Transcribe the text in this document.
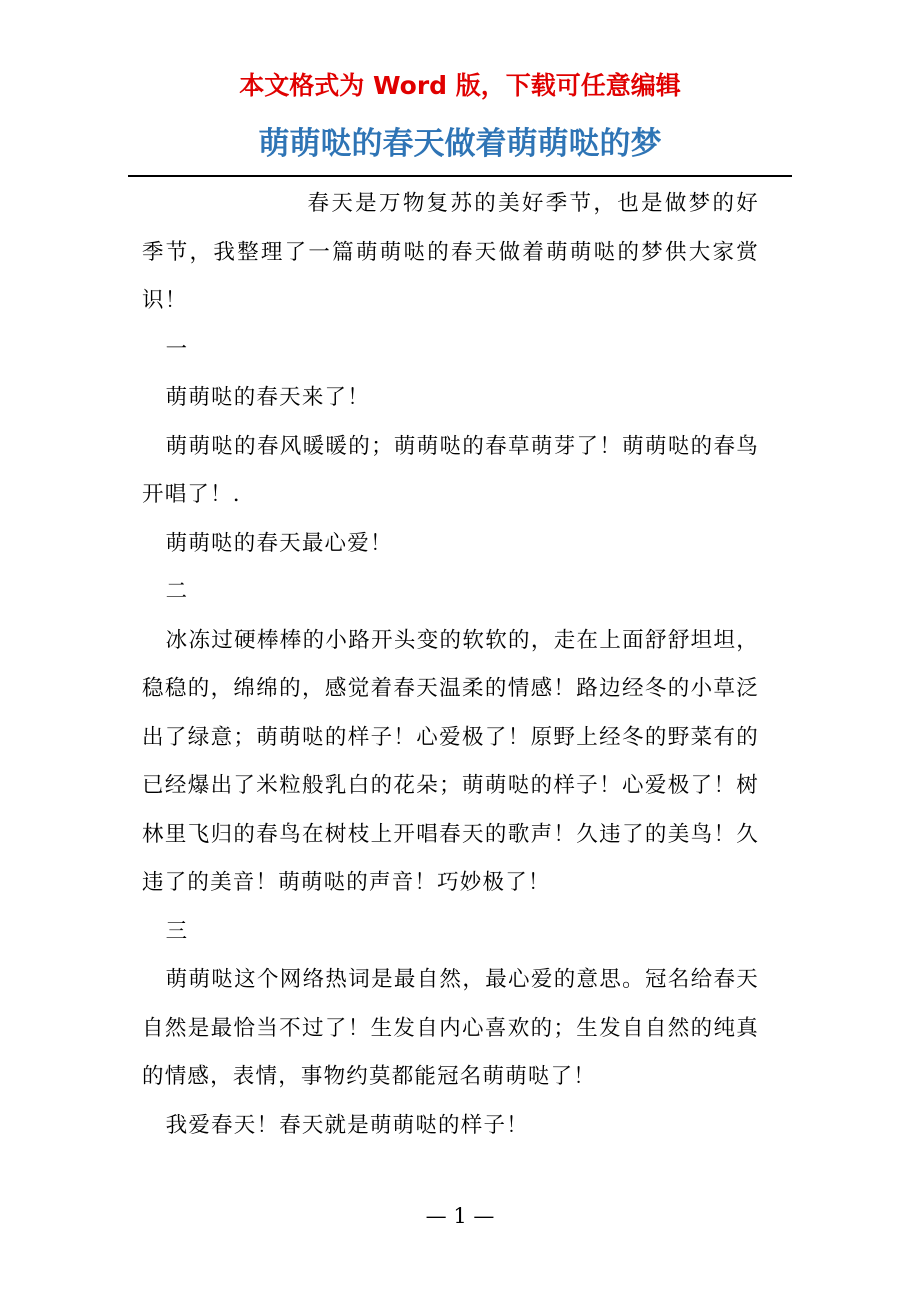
本文格式为 Word 版，下载可任意编辑
萌萌哒的春天做着萌萌哒的梦

春天是万物复苏的美好季节，也是做梦的好季节，我整理了一篇萌萌哒的春天做着萌萌哒的梦供大家赏识！

一

萌萌哒的春天来了！

萌萌哒的春风暖暖的；萌萌哒的春草萌芽了！萌萌哒的春鸟开唱了！.

萌萌哒的春天最心爱！

二

冰冻过硬棒棒的小路开头变的软软的，走在上面舒舒坦坦，稳稳的，绵绵的，感觉着春天温柔的情感！路边经冬的小草泛出了绿意；萌萌哒的样子！心爱极了！原野上经冬的野菜有的已经爆出了米粒般乳白的花朵；萌萌哒的样子！心爱极了！树林里飞归的春鸟在树枝上开唱春天的歌声！久违了的美鸟！久违了的美音！萌萌哒的声音！巧妙极了！

三

萌萌哒这个网络热词是最自然，最心爱的意思。冠名给春天自然是最恰当不过了！生发自内心喜欢的；生发自自然的纯真的情感，表情，事物约莫都能冠名萌萌哒了！

我爱春天！春天就是萌萌哒的样子！

— 1 —
